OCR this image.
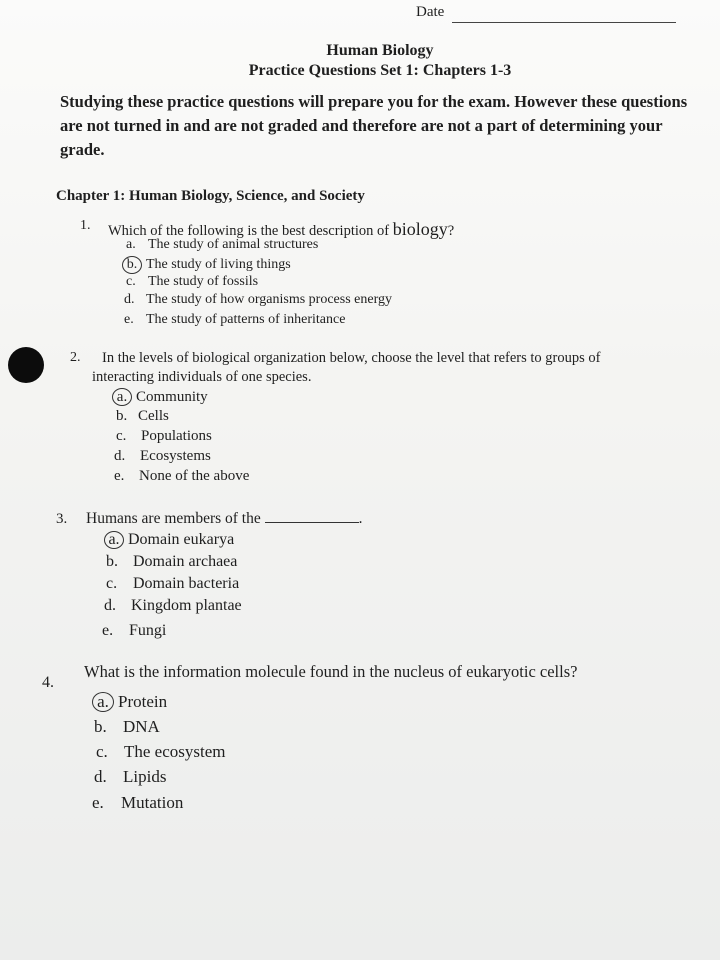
Date
Human Biology
Practice Questions Set 1: Chapters 1-3
Studying these practice questions will prepare you for the exam. However these questions are not turned in and are not graded and therefore are not a part of determining your grade.
Chapter 1: Human Biology, Science, and Society
1. Which of the following is the best description of biology?
a. The study of animal structures
b. The study of living things
c. The study of fossils
d. The study of how organisms process energy
e. The study of patterns of inheritance
2. In the levels of biological organization below, choose the level that refers to groups of
interacting individuals of one species.
a. Community
b. Cells
c. Populations
d. Ecosystems
e. None of the above
3. Humans are members of the	.
a. Domain eukarya
b. Domain archaea
c. Domain bacteria
d. Kingdom plantae
e. Fungi
4.
What is the information molecule found in the nucleus of eukaryotic cells?
a. Protein
b. DNA
c. The ecosystem
d. Lipids
e. Mutation
